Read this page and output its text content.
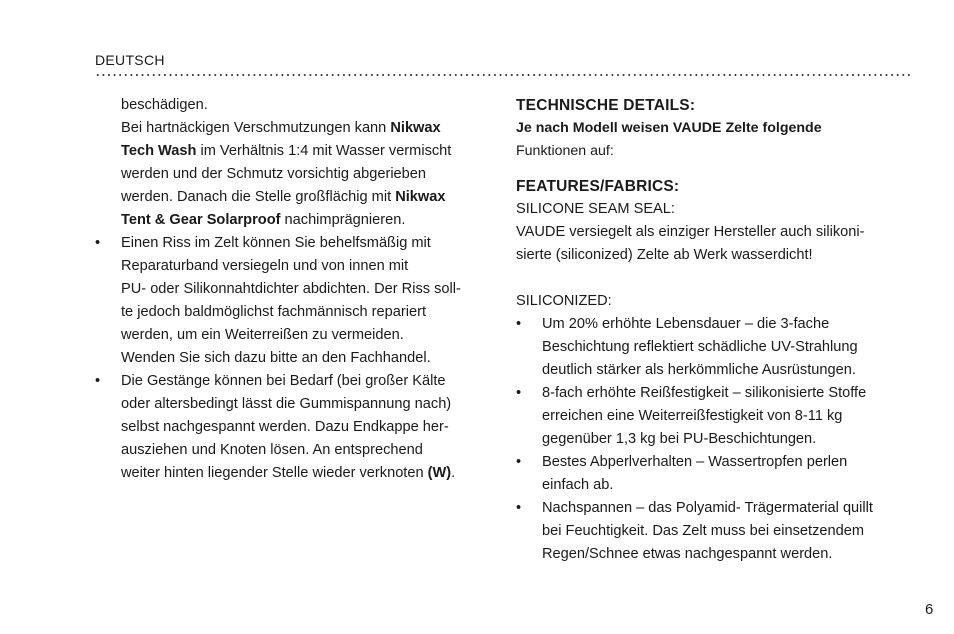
DEUTSCH

beschädigen.

Bei hartnäckigen Verschmutzungen kann Nikwax

Tech Wash im Verhältnis 1:4 mit Wasser vermischt

werden und der Schmutz vorsichtig abgerieben

werden. Danach die Stelle großflächig mit Nikwax

Tent & Gear Solarproof nachimprägnieren.

•	Einen Riss im Zelt können Sie behelfsmäßig mit
Reparaturband versiegeln und von innen mit
PU- oder Silikonnahtdichter abdichten. Der Riss soll-
te jedoch baldmöglichst fachmännisch repariert
werden, um ein Weiterreißen zu vermeiden.
Wenden Sie sich dazu bitte an den Fachhandel.
•	Die Gestänge können bei Bedarf (bei großer Kälte
oder altersbedingt lässt die Gummispannung nach)
selbst nachgespannt werden. Dazu Endkappe her-
ausziehen und Knoten lösen. An entsprechend
weiter hinten liegender Stelle wieder verknoten (W).

TECHNISCHE DETAILS:

Je nach Modell weisen VAUDE Zelte folgende

Funktionen auf:

FEATURES/FABRICS:

SILICONE SEAM SEAL:

VAUDE versiegelt als einziger Hersteller auch silikoni-

sierte (siliconized) Zelte ab Werk wasserdicht!

SILICONIZED:

• Um 20% erhöhte Lebensdauer – die 3-fache
Beschichtung reflektiert schädliche UV-Strahlung
deutlich stärker als herkömmliche Ausrüstungen.
• 8-fach erhöhte Reißfestigkeit – silikonisierte Stoffe
erreichen eine Weiterreißfestigkeit von 8-11 kg
gegenüber 1,3 kg bei PU-Beschichtungen.
• Bestes Abperlverhalten – Wassertropfen perlen
einfach ab.
• Nachspannen – das Polyamid- Trägermaterial quillt
bei Feuchtigkeit. Das Zelt muss bei einsetzendem
Regen/Schnee etwas nachgespannt werden.
6
